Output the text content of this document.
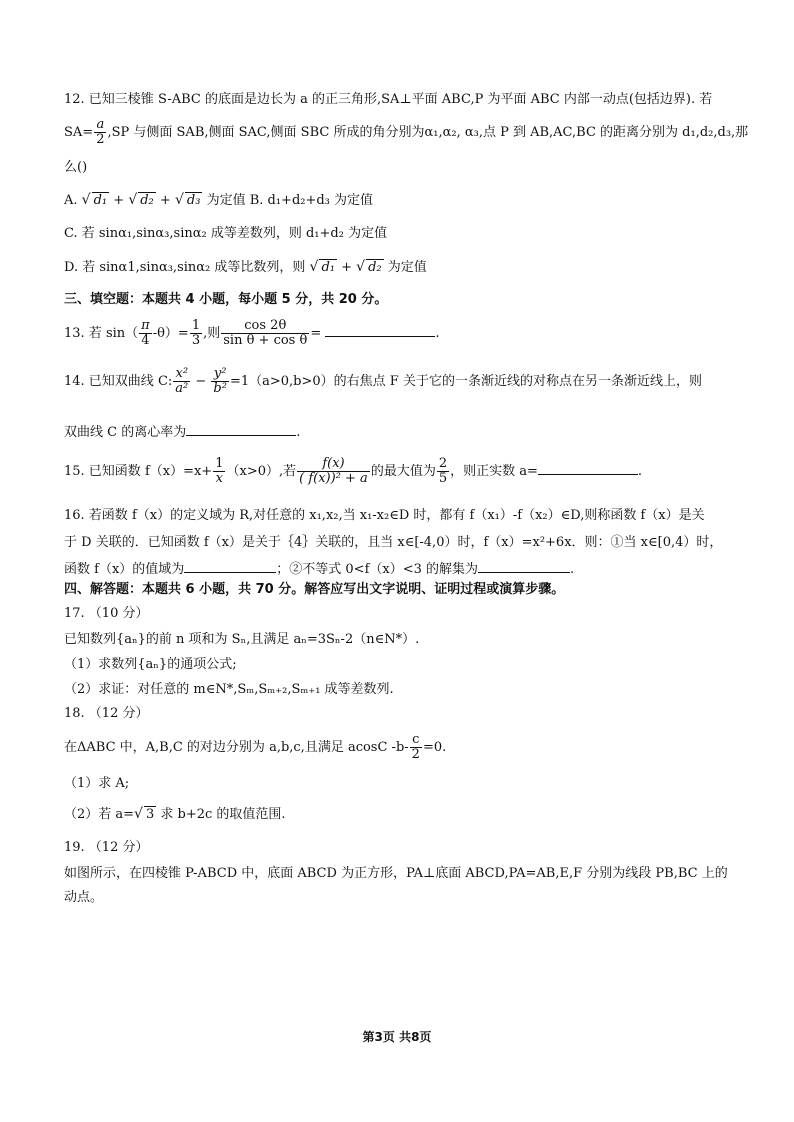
12. 已知三棱锥 S-ABC 的底面是边长为 a 的正三角形,SA⊥平面 ABC,P 为平面 ABC 内部一动点(包括边界). 若
$SA= \frac{a}{2} ,SP$ 与侧面 SAB,侧面 SAC,侧面 SBC 所成的角分别为α₁,α₂, α₃,点 P 到 AB,AC,BC 的距离分别为 d₁,d₂,d₃,那
么()
A. √ d₁ + √ d₂ + √ d₃ 为定值 B. d₁+d₂+d₃ 为定值
C. 若 sinα₁,sinα₃,sinα₂ 成等差数列，则 d₁+d₂ 为定值
D. 若 sinα1,sinα₃,sinα₂ 成等比数列，则 √ d₁ + √ d₂ 为定值
三、填空题：本题共 4 小题，每小题 5 分，共 20 分。
13. 若 $\sin( \frac{\pi}{4} -\theta)= \frac{1}{3}$ ,则 $\frac{\cos 2\theta}{\text{sin θ + cos θ}}$ =	.
14. 已知双曲线 C: $\frac{\text{x²}}{\text{a²}} - \frac{\text{y²}}{\text{b²}} =1(a>0,b>0)$的右焦点 F 关于它的一条渐近线的对称点在另一条渐近线上，则
双曲线 C 的离心率为	.
15. 已知函数 $f(x)=x+ \frac{1}{x} (x>0)$,若 $\frac{f(x)}{\text{( f(x))² + a}}$ 的最大值为 $\frac{2}{5}$ ，则正实数 a=	.
16. 若函数 f（x）的定义域为 R,对任意的 x₁,x₂,当 x₁-x₂∈D 时，都有 f（x₁）-f（x₂）∈D,则称函数 f（x）是关
于 D 关联的．已知函数 f（x）是关于｛4｝关联的，且当 x∈[-4,0）时，f（x）=x²+6x．则：①当 x∈[0,4）时，
函数 f（x）的值域为	；②不等式 0<f（x）<3 的解集为	.
四、解答题：本题共 6 小题，共 70 分。解答应写出文字说明、证明过程或演算步骤。
17. （10 分）
已知数列{aₙ}的前 n 项和为 Sₙ,且满足 aₙ=3Sₙ-2（n∈N*）.
（1）求数列{aₙ}的通项公式;
（2）求证：对任意的 m∈N*,Sₘ,Sₘ₊₂,Sₘ₊₁ 成等差数列.
18. （12 分）
在ΔABC 中，A,B,C 的对边分别为 a,b,c,且满足 acosC $-b- \frac{c}{2} =0$.
（1）求 A;
（2）若 a=√ 3 求 b+2c 的取值范围.
19. （12 分）
如图所示，在四棱锥 P-ABCD 中，底面 ABCD 为正方形，PA⊥底面 ABCD,PA=AB,E,F 分别为线段 PB,BC 上的
动点。
第3页 共8页
